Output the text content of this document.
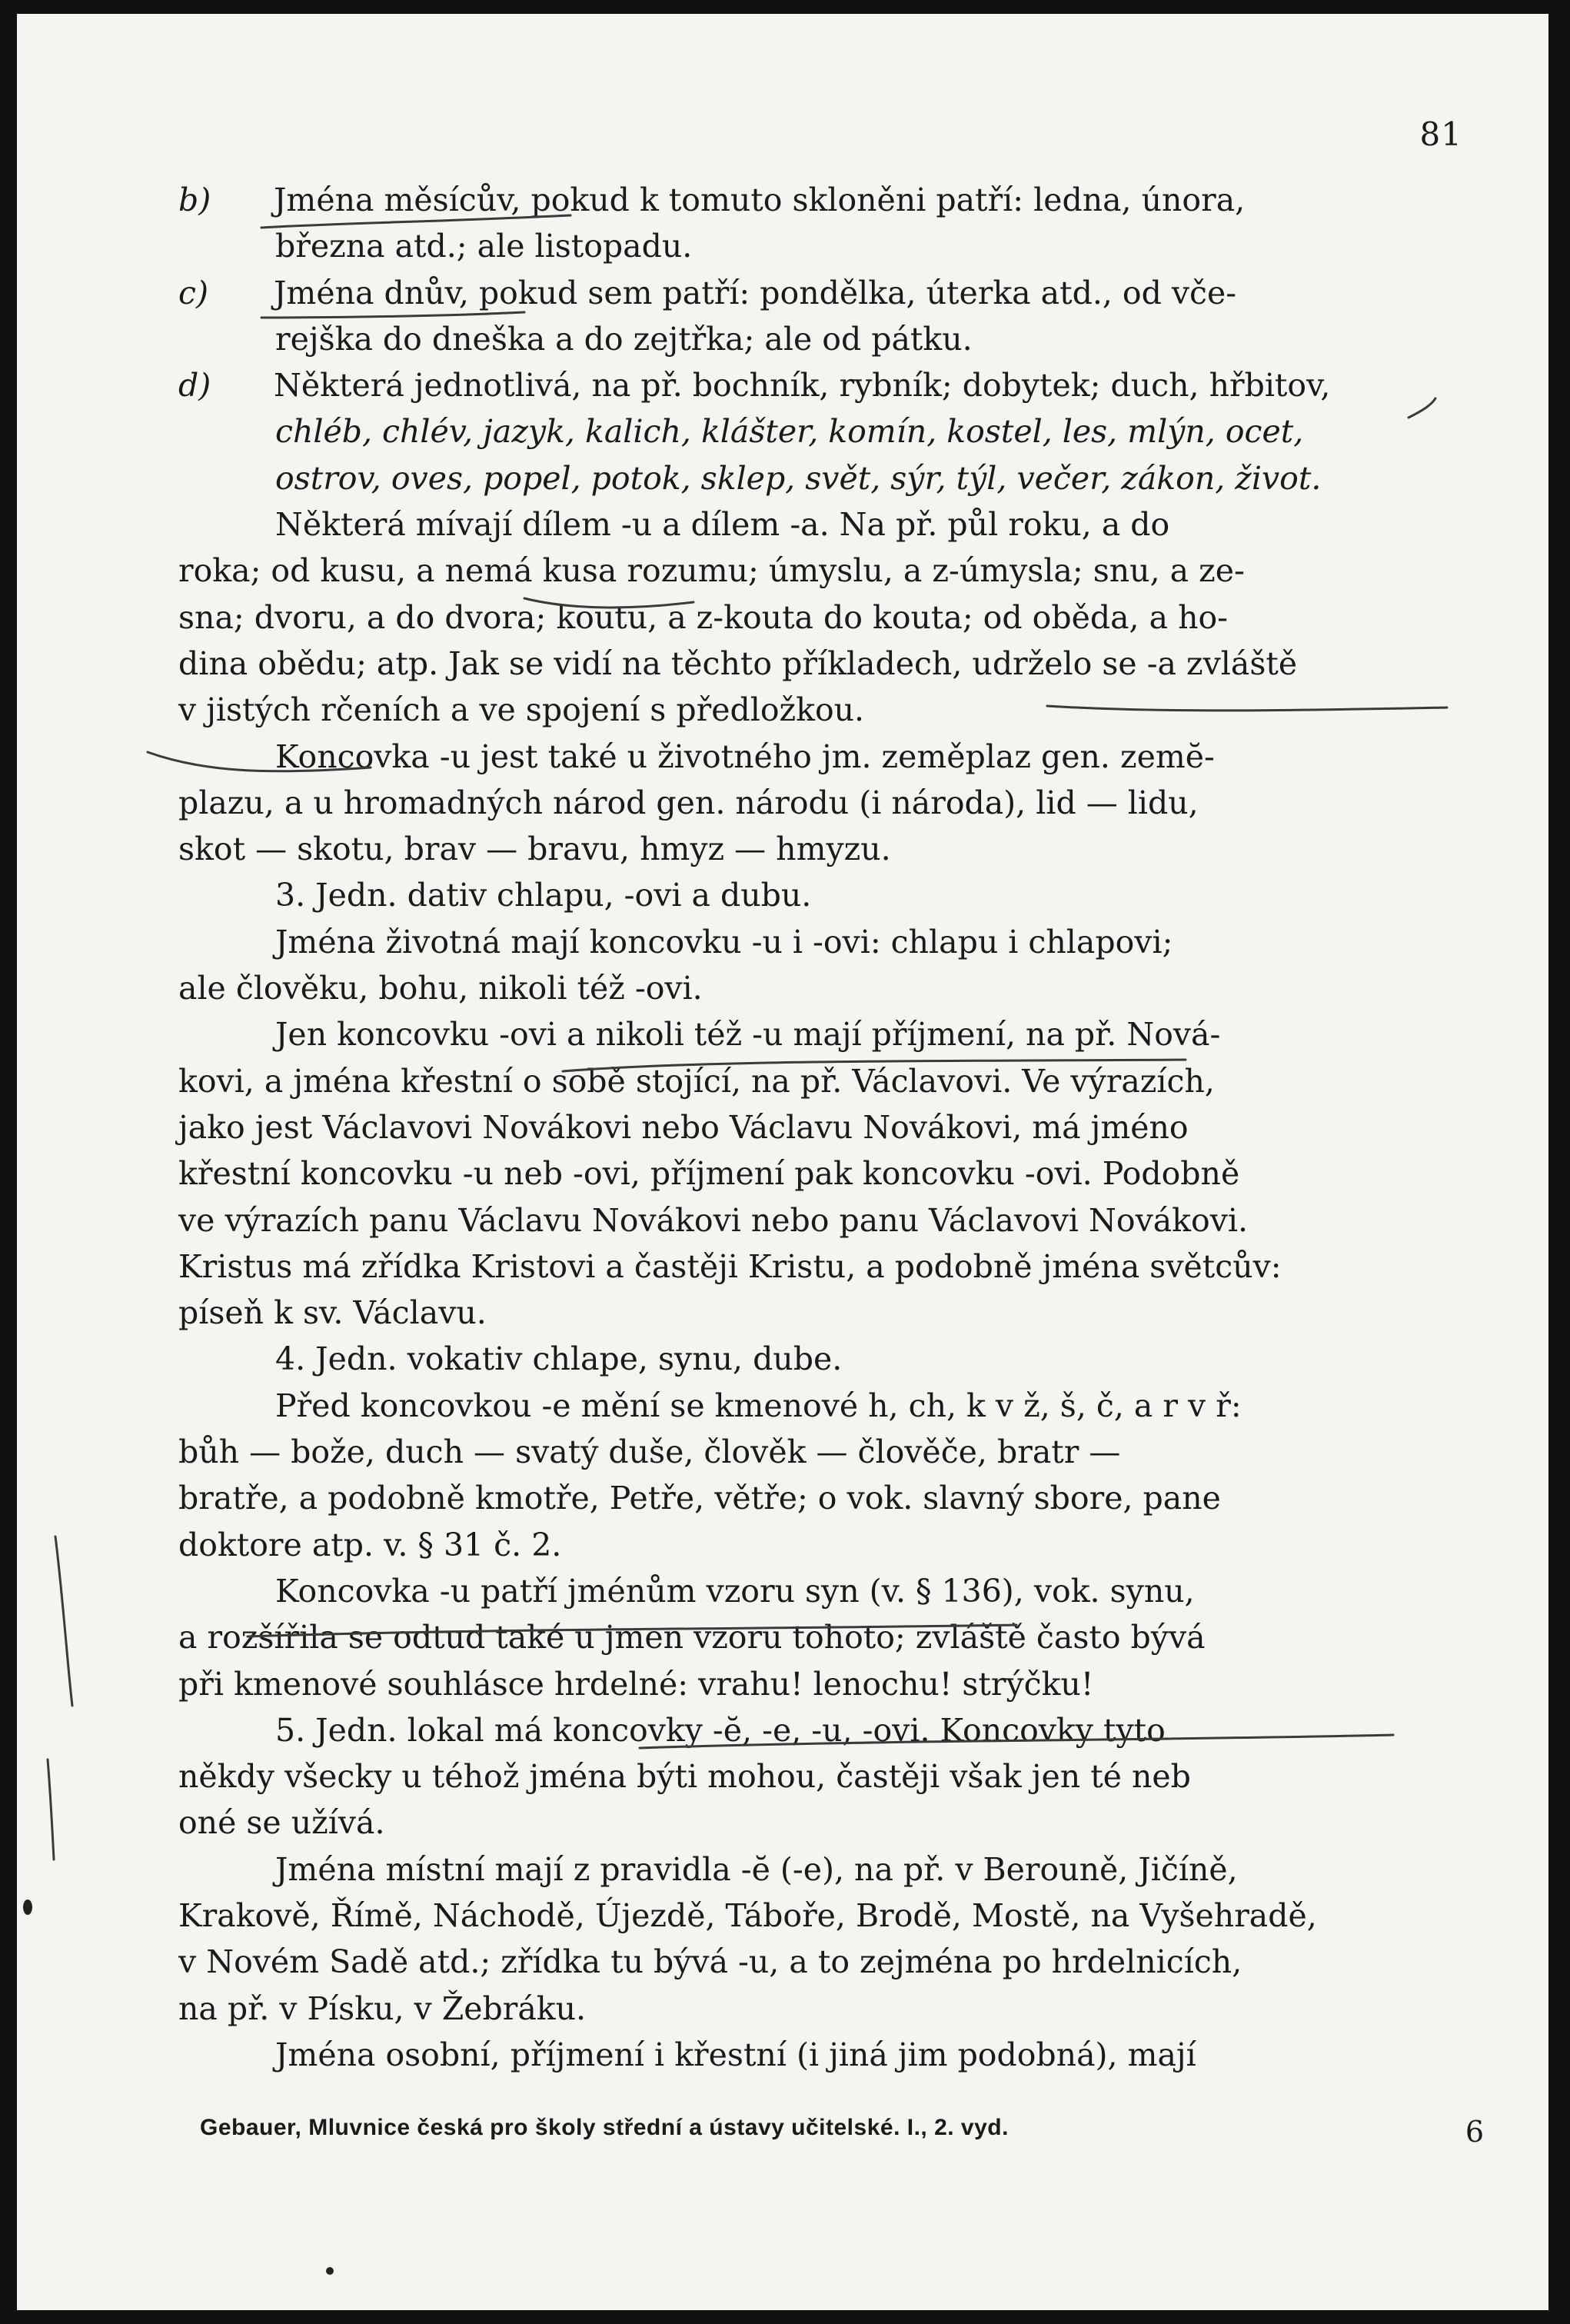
81

b) Jména měsícův, pokud k tomuto skloněni patří: ledna, února,

března atd.; ale listopadu.

c) Jména dnův, pokud sem patří: pondělka, úterka atd., od vče-

rejška do dneška a do zejtřka; ale od pátku.

d) Některá jednotlivá, na př. bochník, rybník; dobytek; duch, hřbitov,

chléb, chlév, jazyk, kalich, klášter, komín, kostel, les, mlýn, ocet,

ostrov, oves, popel, potok, sklep, svět, sýr, týl, večer, zákon, život.

Některá mívají dílem -u a dílem -a. Na př. půl roku, a do

roka; od kusu, a nemá kusa rozumu; úmyslu, a z-úmysla; snu, a ze-

sna; dvoru, a do dvora; koutu, a z-kouta do kouta; od oběda, a ho-

dina obědu; atp. Jak se vidí na těchto příkladech, udrželo se -a zvláště

v jistých rčeních a ve spojení s předložkou.

Koncovka -u jest také u životného jm. zeměplaz gen. zemĕ-

plazu, a u hromadných národ gen. národu (i národa), lid — lidu,

skot — skotu, brav — bravu, hmyz — hmyzu.

3. Jedn. dativ chlapu, -ovi a dubu.

Jména životná mají koncovku -u i -ovi: chlapu i chlapovi;

ale člověku, bohu, nikoli též -ovi.

Jen koncovku -ovi a nikoli též -u mají příjmení, na př. Nová-

kovi, a jména křestní o sobě stojící, na př. Václavovi. Ve výrazích,

jako jest Václavovi Novákovi nebo Václavu Novákovi, má jméno

křestní koncovku -u neb -ovi, příjmení pak koncovku -ovi. Podobně

ve výrazích panu Václavu Novákovi nebo panu Václavovi Novákovi.

Kristus má zřídka Kristovi a častěji Kristu, a podobně jména světcův:

píseň k sv. Václavu.

4. Jedn. vokativ chlape, synu, dube.

Před koncovkou -e mění se kmenové h, ch, k v ž, š, č, a r v ř:

bůh — bože, duch — svatý duše, člověk — člověče, bratr —

bratře, a podobně kmotře, Petře, větře; o vok. slavný sbore, pane

doktore atp. v. § 31 č. 2.

Koncovka -u patří jménům vzoru syn (v. § 136), vok. synu,

a rozšířila se odtud také u jmen vzoru tohoto; zvláště často bývá

při kmenové souhlásce hrdelné: vrahu! lenochu! strýčku!

5. Jedn. lokal má koncovky -ĕ, -e, -u, -ovi. Koncovky tyto

někdy všecky u téhož jména býti mohou, častěji však jen té neb

oné se užívá.

Jména místní mají z pravidla -ĕ (-e), na př. v Berouně, Jičíně,

Krakově, Římě, Náchodě, Újezdě, Táboře, Brodě, Mostě, na Vyšehradě,

v Novém Sadě atd.; zřídka tu bývá -u, a to zejména po hrdelnicích,

na př. v Písku, v Žebráku.

Jména osobní, příjmení i křestní (i jiná jim podobná), mají

Gebauer, Mluvnice česká pro školy střední a ústavy učitelské. I., 2. vyd.	6
